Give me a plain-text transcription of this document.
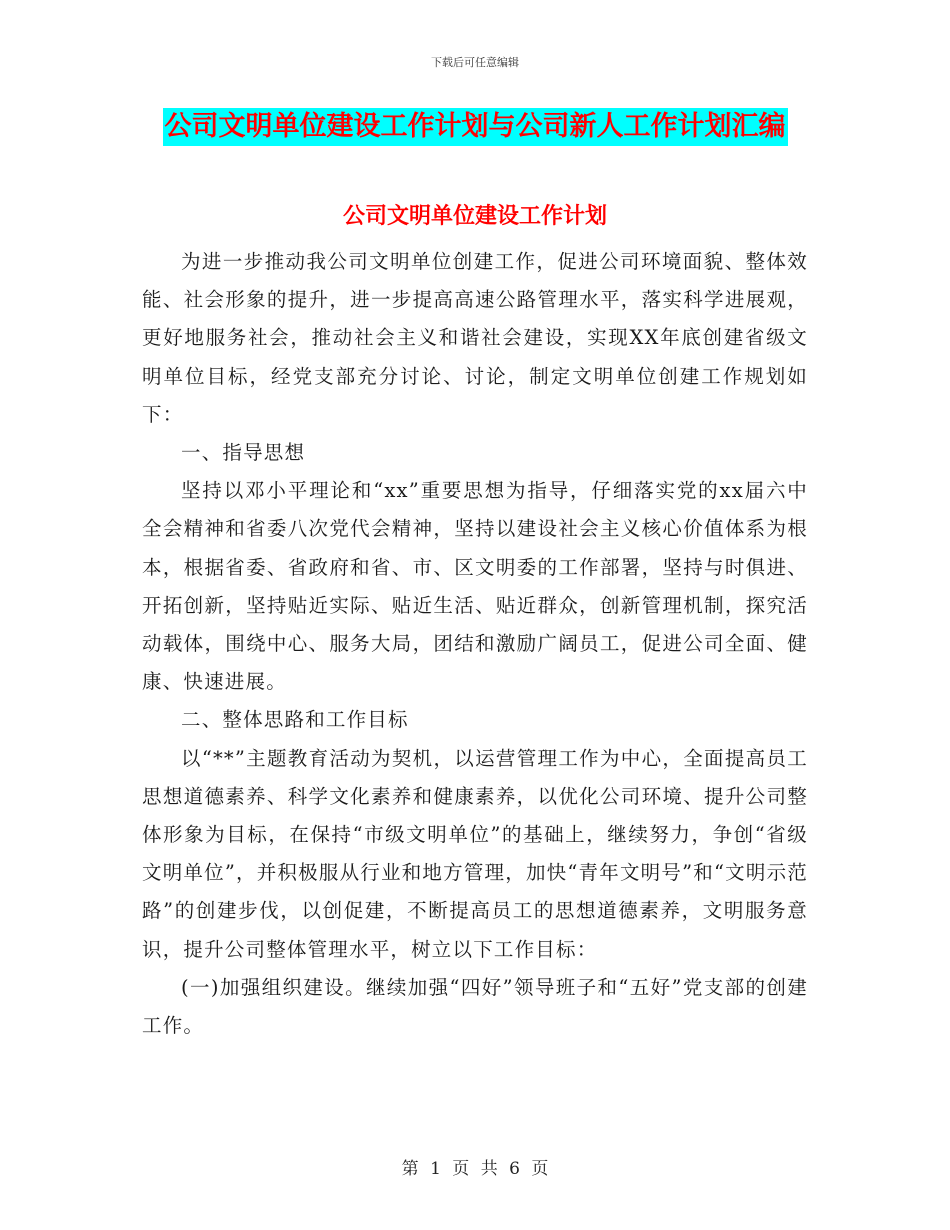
下载后可任意编辑
公司文明单位建设工作计划与公司新人工作计划汇编
公司文明单位建设工作计划

为进一步推动我公司文明单位创建工作，促进公司环境面貌、整体效能、社会形象的提升，进一步提高高速公路管理水平，落实科学进展观，更好地服务社会，推动社会主义和谐社会建设，实现XX年底创建省级文明单位目标，经党支部充分讨论、讨论，制定文明单位创建工作规划如下：

一、指导思想

坚持以邓小平理论和“xx”重要思想为指导，仔细落实党的xx届六中全会精神和省委八次党代会精神，坚持以建设社会主义核心价值体系为根本，根据省委、省政府和省、市、区文明委的工作部署，坚持与时俱进、开拓创新，坚持贴近实际、贴近生活、贴近群众，创新管理机制，探究活动载体，围绕中心、服务大局，团结和激励广阔员工，促进公司全面、健康、快速进展。

二、整体思路和工作目标

以“**”主题教育活动为契机，以运营管理工作为中心，全面提高员工思想道德素养、科学文化素养和健康素养，以优化公司环境、提升公司整体形象为目标，在保持“市级文明单位”的基础上，继续努力，争创“省级文明单位”，并积极服从行业和地方管理，加快“青年文明号”和“文明示范路”的创建步伐，以创促建，不断提高员工的思想道德素养，文明服务意识，提升公司整体管理水平，树立以下工作目标：

(一)加强组织建设。继续加强“四好”领导班子和“五好”党支部的创建工作。

第 1 页 共 6 页
